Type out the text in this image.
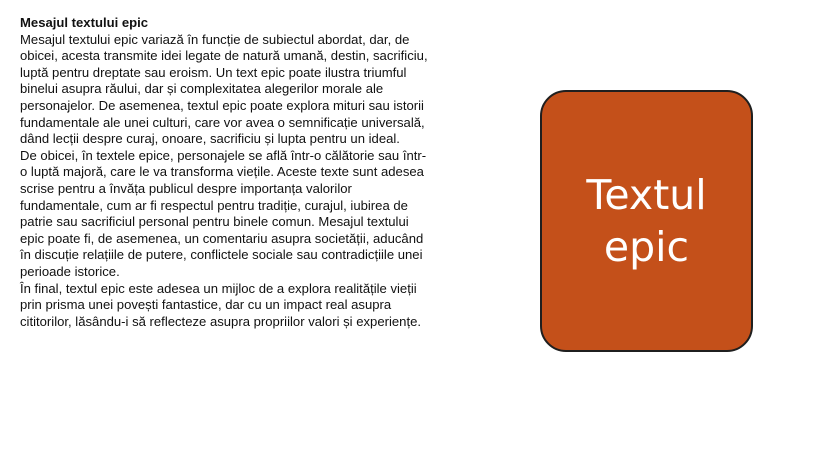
Mesajul textului epic

Mesajul textului epic variază în funcție de subiectul abordat, dar, de obicei, acesta transmite idei legate de natură umană, destin, sacrificiu, luptă pentru dreptate sau eroism. Un text epic poate ilustra triumful binelui asupra răului, dar și complexitatea alegerilor morale ale personajelor. De asemenea, textul epic poate explora mituri sau istorii fundamentale ale unei culturi, care vor avea o semnificație universală, dând lecții despre curaj, onoare, sacrificiu și lupta pentru un ideal.

De obicei, în textele epice, personajele se află într-o călătorie sau într-o luptă majoră, care le va transforma viețile. Aceste texte sunt adesea scrise pentru a învăța publicul despre importanța valorilor fundamentale, cum ar fi respectul pentru tradiție, curajul, iubirea de patrie sau sacrificiul personal pentru binele comun. Mesajul textului epic poate fi, de asemenea, un comentariu asupra societății, aducând în discuție relațiile de putere, conflictele sociale sau contradicțiile unei perioade istorice.

În final, textul epic este adesea un mijloc de a explora realitățile vieții prin prisma unei povești fantastice, dar cu un impact real asupra cititorilor, lăsându-i să reflecteze asupra propriilor valori și experiențe.

Textul epic
